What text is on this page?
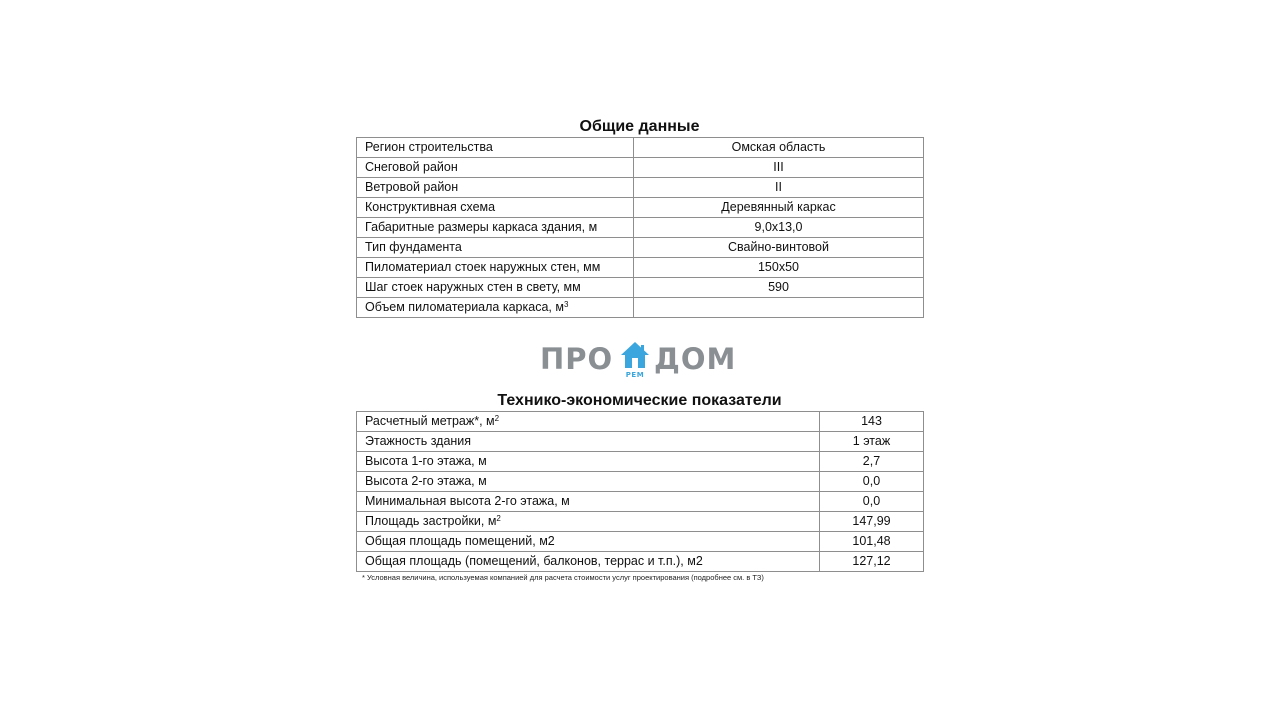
Общие данные
Регион строительства	Омская область
Снеговой район	III
Ветровой район	II
Конструктивная схема	Деревянный каркас
Габаритные размеры каркаса здания, м	9,0х13,0
Тип фундамента	Свайно-винтовой
Пиломатериал стоек наружных стен, мм	150х50
Шаг стоек наружных стен в свету, мм	590
Объем пиломатериала каркаса, $м^3$	
ПРО	РЕМ ДОМ
Технико-экономические показатели
Расчетный метраж*, $м^2$	143
Этажность здания	1 этаж
Высота 1-го этажа, м	2,7
Высота 2-го этажа, м	0,0
Минимальная высота 2-го этажа, м	0,0
Площадь застройки, $м^2$	147,99
Общая площадь помещений, м2	101,48
Общая площадь (помещений, балконов, террас и т.п.), м2	127,12
* Условная величина, используемая компанией для расчета стоимости услуг проектирования (подробнее см. в ТЗ)
